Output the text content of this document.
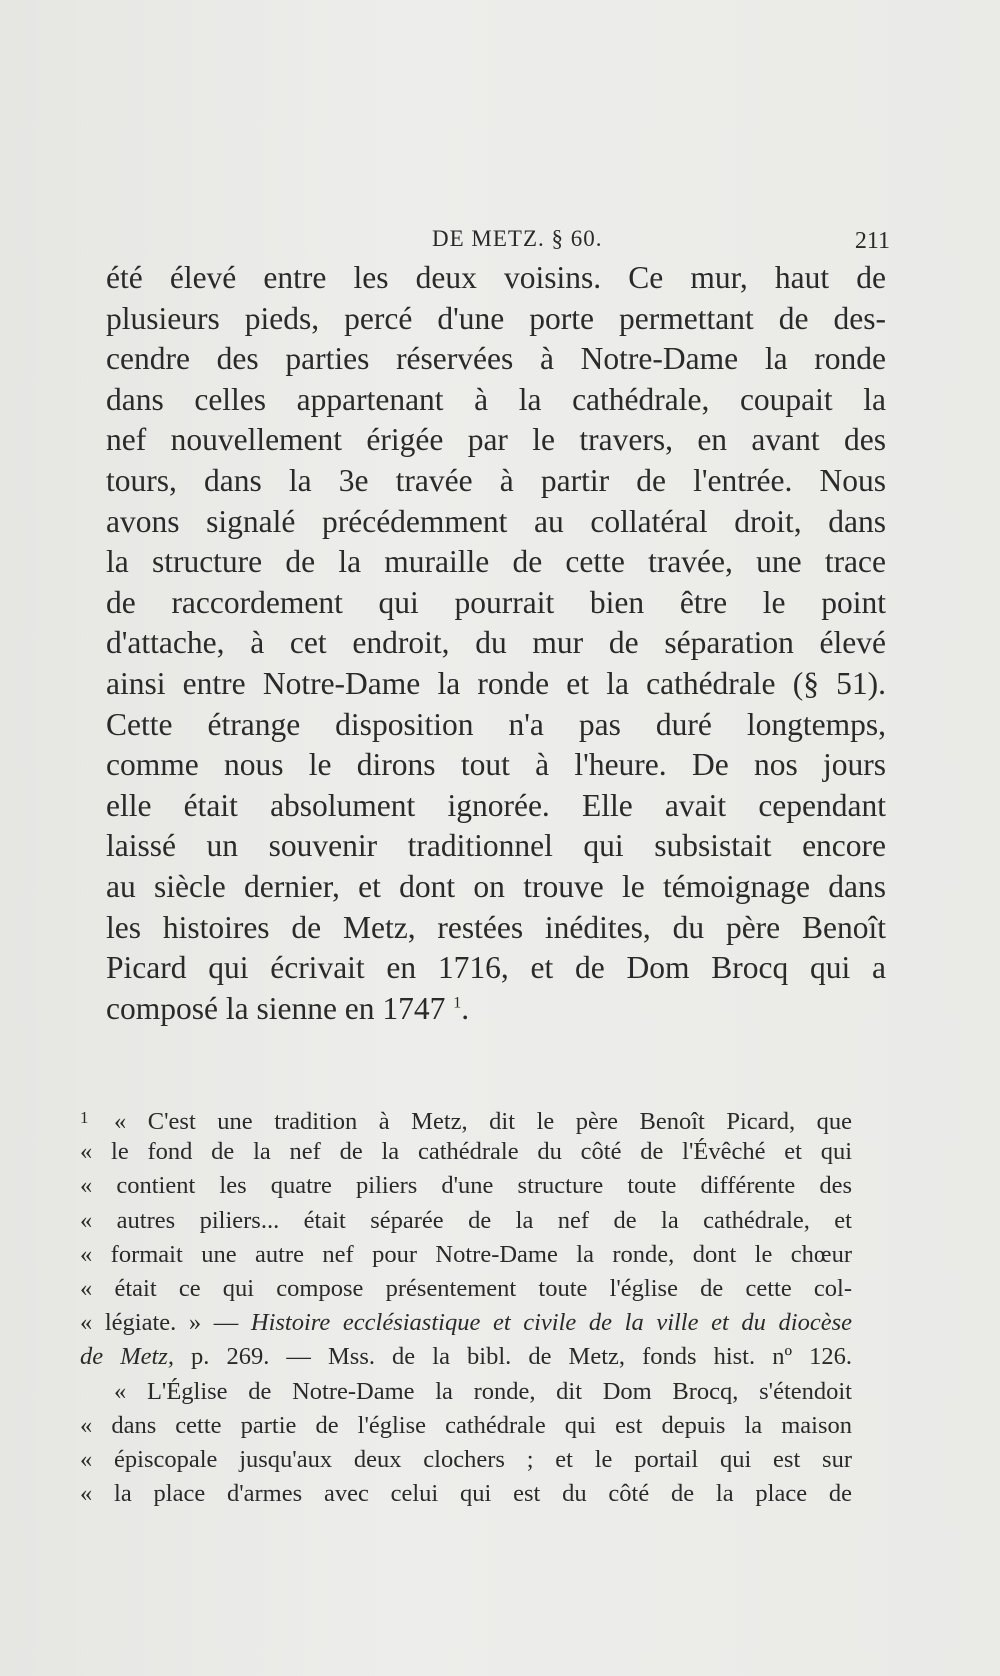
DE METZ. § 60.	211
été élevé entre les deux voisins. Ce mur, haut de
plusieurs pieds, percé d'une porte permettant de des-
cendre des parties réservées à Notre-Dame la ronde
dans celles appartenant à la cathédrale, coupait la
nef nouvellement érigée par le travers, en avant des
tours, dans la 3e travée à partir de l'entrée. Nous
avons signalé précédemment au collatéral droit, dans
la structure de la muraille de cette travée, une trace
de raccordement qui pourrait bien être le point
d'attache, à cet endroit, du mur de séparation élevé
ainsi entre Notre-Dame la ronde et la cathédrale (§ 51).
Cette étrange disposition n'a pas duré longtemps,
comme nous le dirons tout à l'heure. De nos jours
elle était absolument ignorée. Elle avait cependant
laissé un souvenir traditionnel qui subsistait encore
au siècle dernier, et dont on trouve le témoignage dans
les histoires de Metz, restées inédites, du père Benoît
Picard qui écrivait en 1716, et de Dom Brocq qui a
composé la sienne en 1747 $^1$.
1 « C'est une tradition à Metz, dit le père Benoît Picard, que
« le fond de la nef de la cathédrale du côté de l'Évêché et qui
« contient les quatre piliers d'une structure toute différente des
« autres piliers... était séparée de la nef de la cathédrale, et
« formait une autre nef pour Notre-Dame la ronde, dont le chœur
« était ce qui compose présentement toute l'église de cette col-
« légiate. » — Histoire ecclésiastique et civile de la ville et du diocèse
de Metz, p. 269. — Mss. de la bibl. de Metz, fonds hist. nº 126.
« L'Église de Notre-Dame la ronde, dit Dom Brocq, s'étendoit
« dans cette partie de l'église cathédrale qui est depuis la maison
« épiscopale jusqu'aux deux clochers ; et le portail qui est sur
« la place d'armes avec celui qui est du côté de la place de
